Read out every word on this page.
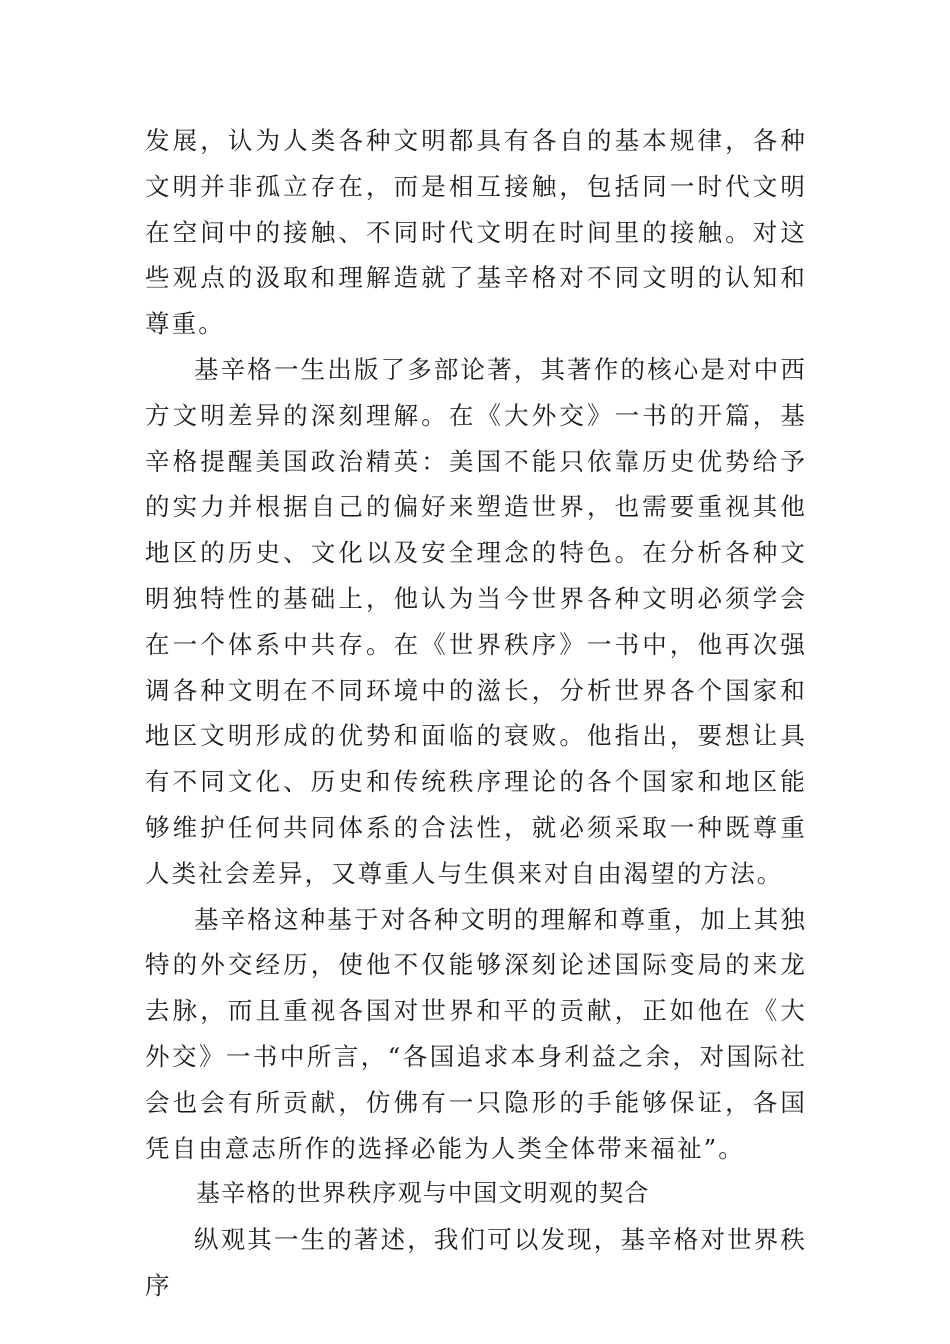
发展，认为人类各种文明都具有各自的基本规律，各种文明并非孤立存在，而是相互接触，包括同一时代文明在空间中的接触、不同时代文明在时间里的接触。对这些观点的汲取和理解造就了基辛格对不同文明的认知和尊重。

基辛格一生出版了多部论著，其著作的核心是对中西方文明差异的深刻理解。在《大外交》一书的开篇，基辛格提醒美国政治精英：美国不能只依靠历史优势给予的实力并根据自己的偏好来塑造世界，也需要重视其他地区的历史、文化以及安全理念的特色。在分析各种文明独特性的基础上，他认为当今世界各种文明必须学会在一个体系中共存。在《世界秩序》一书中，他再次强调各种文明在不同环境中的滋长，分析世界各个国家和地区文明形成的优势和面临的衰败。他指出，要想让具有不同文化、历史和传统秩序理论的各个国家和地区能够维护任何共同体系的合法性，就必须采取一种既尊重人类社会差异，又尊重人与生俱来对自由渴望的方法。

基辛格这种基于对各种文明的理解和尊重，加上其独特的外交经历，使他不仅能够深刻论述国际变局的来龙去脉，而且重视各国对世界和平的贡献，正如他在《大外交》一书中所言，“各国追求本身利益之余，对国际社会也会有所贡献，仿佛有一只隐形的手能够保证，各国凭自由意志所作的选择必能为人类全体带来福祉”。

基辛格的世界秩序观与中国文明观的契合

纵观其一生的著述，我们可以发现，基辛格对世界秩序
